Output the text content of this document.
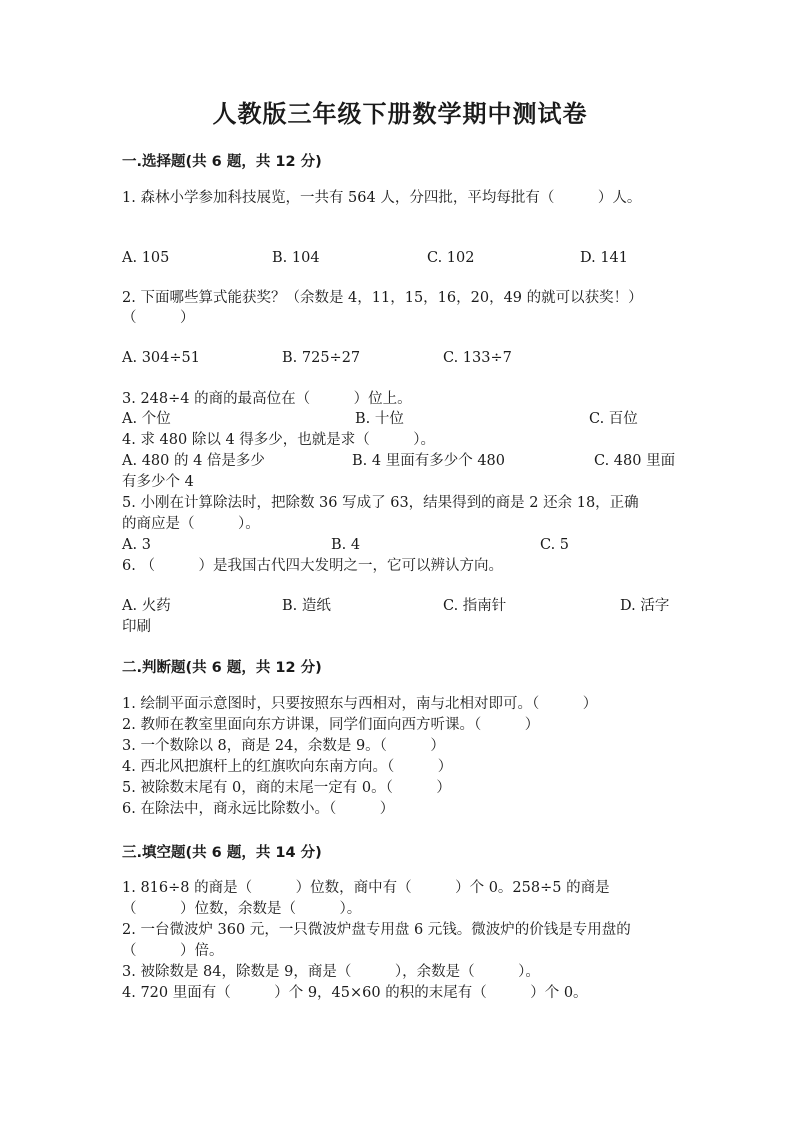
人教版三年级下册数学期中测试卷
一.选择题(共 6 题，共 12 分)
1. 森林小学参加科技展览，一共有 564 人，分四批，平均每批有（　　　）人。
A. 105	B. 104	C. 102	D. 141
2. 下面哪些算式能获奖？（余数是 4，11，15，16，20，49 的就可以获奖！）
（　　　）
A. 304÷51	B. 725÷27	C. 133÷7
3. 248÷4 的商的最高位在（　　　）位上。
A. 个位	B. 十位	C. 百位
4. 求 480 除以 4 得多少，也就是求（　　　）。
A. 480 的 4 倍是多少	B. 4 里面有多少个 480	C. 480 里面
有多少个 4
5. 小刚在计算除法时，把除数 36 写成了 63，结果得到的商是 2 还余 18，正确
的商应是（　　　）。
A. 3	B. 4	C. 5
6. （　　　）是我国古代四大发明之一，它可以辨认方向。
A. 火药	B. 造纸	C. 指南针	D. 活字
印刷
二.判断题(共 6 题，共 12 分)
1. 绘制平面示意图时，只要按照东与西相对，南与北相对即可。（　　　）
2. 教师在教室里面向东方讲课，同学们面向西方听课。（　　　）
3. 一个数除以 8，商是 24，余数是 9。（　　　）
4. 西北风把旗杆上的红旗吹向东南方向。（　　　）
5. 被除数末尾有 0，商的末尾一定有 0。（　　　）
6. 在除法中，商永远比除数小。（　　　）
三.填空题(共 6 题，共 14 分)
1. 816÷8 的商是（　　　）位数，商中有（　　　）个 0。258÷5 的商是
（　　　）位数，余数是（　　　）。
2. 一台微波炉 360 元，一只微波炉盘专用盘 6 元钱。微波炉的价钱是专用盘的
（　　　）倍。
3. 被除数是 84，除数是 9，商是（　　　），余数是（　　　）。
4. 720 里面有（　　　）个 9，45×60 的积的末尾有（　　　）个 0。
